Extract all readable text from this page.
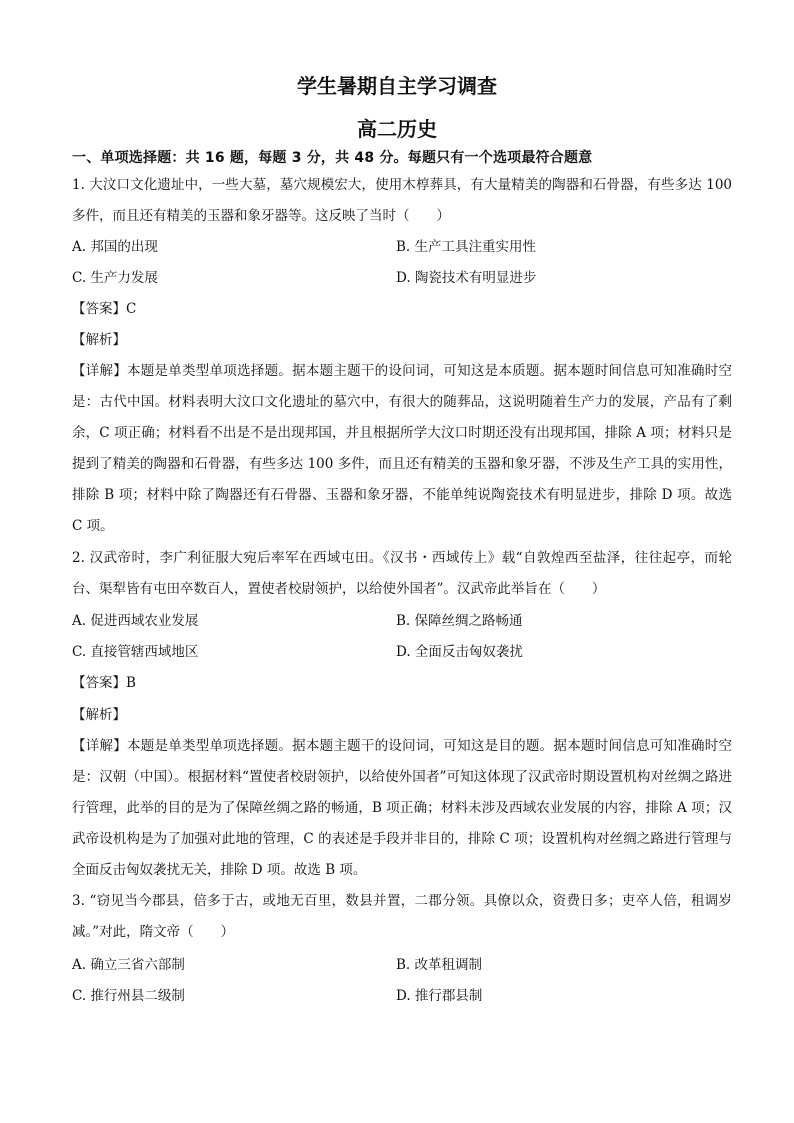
学生暑期自主学习调查
高二历史
一、单项选择题：共 16 题，每题 3 分，共 48 分。每题只有一个选项最符合题意
1. 大汶口文化遗址中，一些大墓，墓穴规模宏大，使用木椁葬具，有大量精美的陶器和石骨器，有些多达 100 多件，而且还有精美的玉器和象牙器等。这反映了当时（　　）
A. 邦国的出现	B. 生产工具注重实用性
C. 生产力发展	D. 陶瓷技术有明显进步
【答案】C
【解析】
【详解】本题是单类型单项选择题。据本题主题干的设问词，可知这是本质题。据本题时间信息可知准确时空是：古代中国。材料表明大汶口文化遗址的墓穴中，有很大的随葬品，这说明随着生产力的发展，产品有了剩余，C 项正确；材料看不出是不是出现邦国，并且根据所学大汶口时期还没有出现邦国，排除 A 项；材料只是提到了精美的陶器和石骨器，有些多达 100 多件，而且还有精美的玉器和象牙器，不涉及生产工具的实用性，排除 B 项；材料中除了陶器还有石骨器、玉器和象牙器，不能单纯说陶瓷技术有明显进步，排除 D 项。故选 C 项。
2. 汉武帝时，李广利征服大宛后率军在西域屯田。《汉书・西域传上》载“自敦煌西至盐泽，往往起亭，而轮台、渠犁皆有屯田卒数百人，置使者校尉领护，以给使外国者”。汉武帝此举旨在（　　）
A. 促进西域农业发展	B. 保障丝绸之路畅通
C. 直接管辖西域地区	D. 全面反击匈奴袭扰
【答案】B
【解析】
【详解】本题是单类型单项选择题。据本题主题干的设问词，可知这是目的题。据本题时间信息可知准确时空是：汉朝（中国）。根据材料“置使者校尉领护，以给使外国者”可知这体现了汉武帝时期设置机构对丝绸之路进行管理，此举的目的是为了保障丝绸之路的畅通，B 项正确；材料未涉及西域农业发展的内容，排除 A 项；汉武帝设机构是为了加强对此地的管理，C 的表述是手段并非目的，排除 C 项；设置机构对丝绸之路进行管理与全面反击匈奴袭扰无关，排除 D 项。故选 B 项。
3. “窃见当今郡县，倍多于古，或地无百里，数县并置，二郡分领。具僚以众，资费日多；吏卒人倍，租调岁减。”对此，隋文帝（　　）
A. 确立三省六部制	B. 改革租调制
C. 推行州县二级制	D. 推行郡县制
